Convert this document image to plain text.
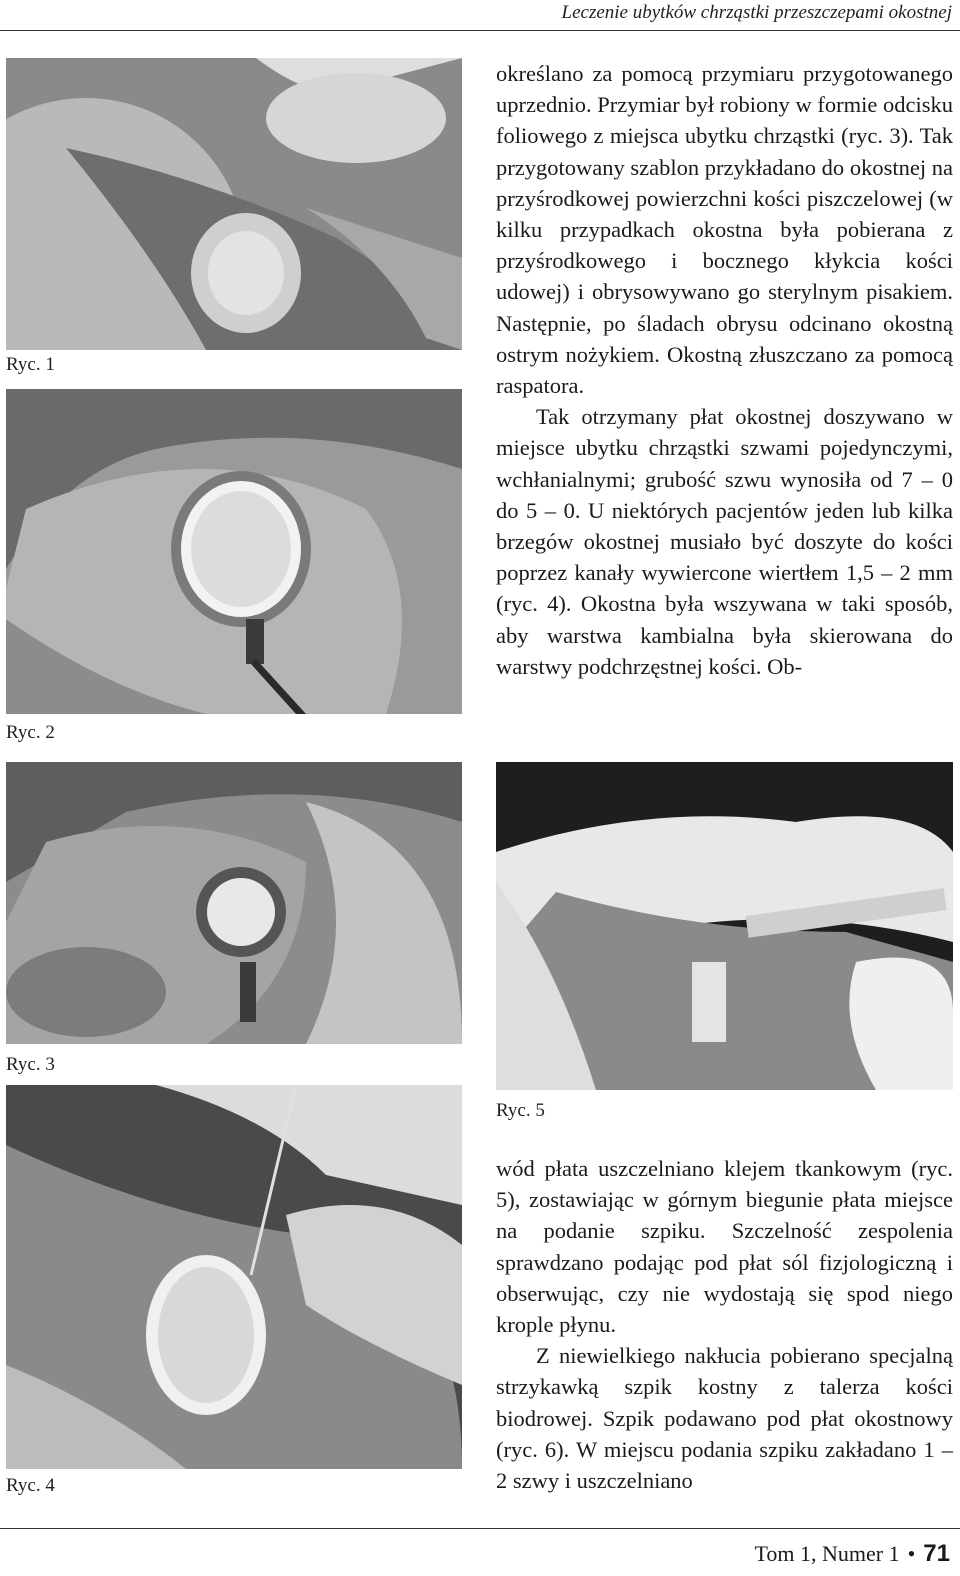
Leczenie ubytków chrząstki przeszczepami okostnej
Ryc. 1
Ryc. 2
Ryc. 3
Ryc. 4
Ryc. 5

określano za pomocą przymiaru przygotowanego uprzednio. Przymiar był robiony w formie odcisku foliowego z miejsca ubytku chrząstki (ryc. 3). Tak przygotowany szablon przykładano do okostnej na przyśrodkowej powierzchni kości piszczelowej (w kilku przypadkach okostna była pobierana z przyśrodkowego i bocznego kłykcia kości udowej) i obrysowywano go sterylnym pisakiem. Następnie, po śladach obrysu odcinano okostną ostrym nożykiem. Okostną złuszczano za pomocą raspatora.

Tak otrzymany płat okostnej doszywano w miejsce ubytku chrząstki szwami pojedynczymi, wchłanialnymi; grubość szwu wynosiła od 7 – 0 do 5 – 0. U niektórych pacjentów jeden lub kilka brzegów okostnej musiało być doszyte do kości poprzez kanały wywiercone wiertłem 1,5 – 2 mm (ryc. 4). Okostna była wszywana w taki sposób, aby warstwa kambialna była skierowana do warstwy podchrzęstnej kości. Ob-

wód płata uszczelniano klejem tkankowym (ryc. 5), zostawiając w górnym biegunie płata miejsce na podanie szpiku. Szczelność zespolenia sprawdzano podając pod płat sól fizjologiczną i obserwując, czy nie wydostają się spod niego krople płynu.

Z niewielkiego nakłucia pobierano specjalną strzykawką szpik kostny z talerza kości biodrowej. Szpik podawano pod płat okostnowy (ryc. 6). W miejscu podania szpiku zakładano 1 – 2 szwy i uszczelniano

Tom 1, Numer 1 • 71
